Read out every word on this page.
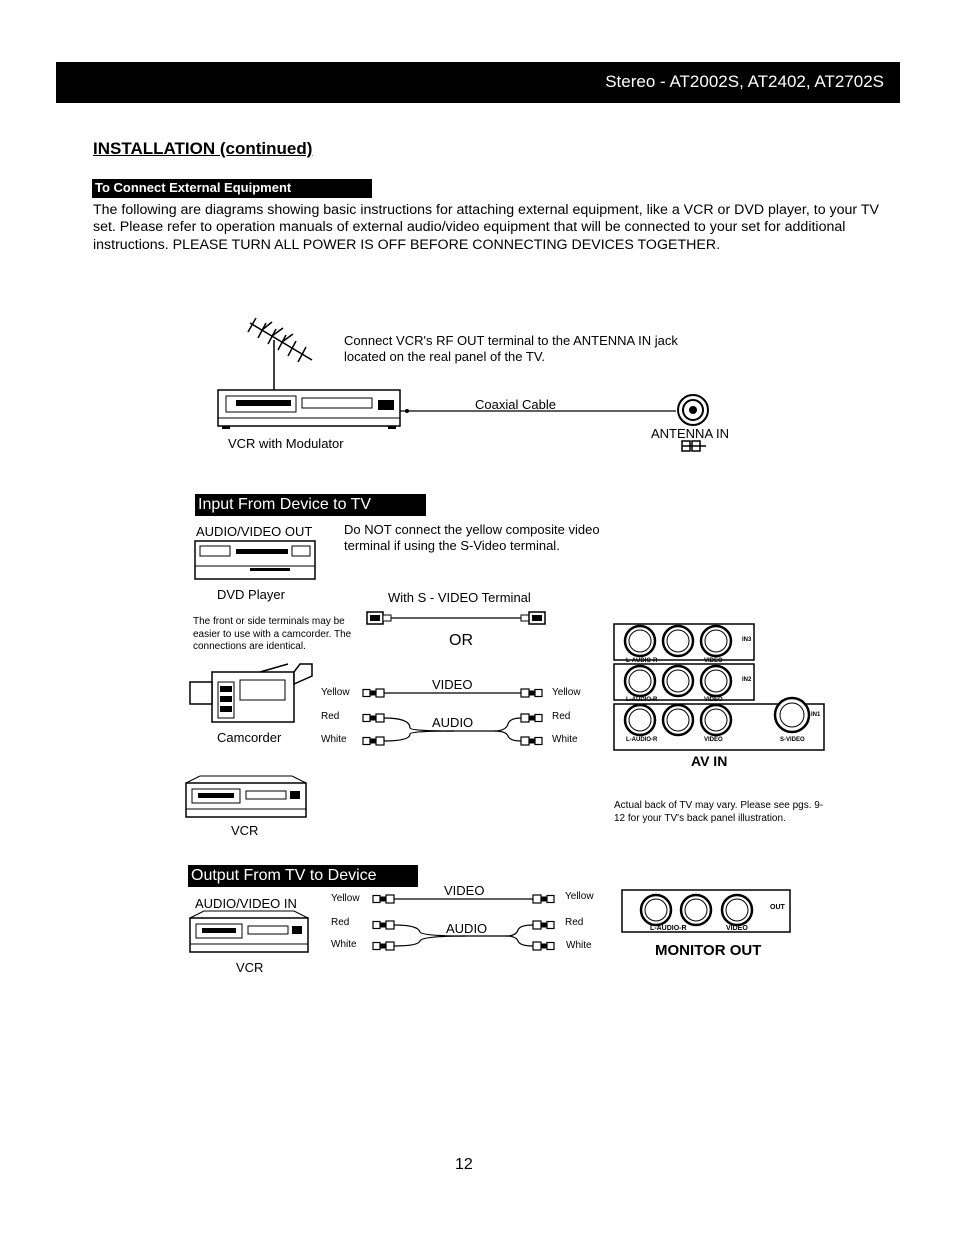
Stereo - AT2002S, AT2402, AT2702S
INSTALLATION (continued)
To Connect External Equipment
The following are diagrams showing basic instructions for attaching external equipment, like a VCR or DVD player, to your TV set. Please refer to operation manuals of external audio/video equipment that will be connected to your set for additional instructions. PLEASE TURN ALL POWER IS OFF BEFORE CONNECTING DEVICES TOGETHER.
Connect VCR's RF OUT terminal to the ANTENNA IN jack located on the real panel of the TV.
Coaxial Cable
VCR with Modulator
ANTENNA IN
Input From Device to TV
AUDIO/VIDEO OUT Do NOT connect the yellow composite video terminal if using the S-Video terminal.
DVD Player	With S - VIDEO Terminal
The front or side terminals may be easier to use with a camcorder. The connections are identical.	OR
VIDEO
AUDIO
Yellow
Red
White
Yellow
Red
White
Camcorder
VCR
Actual back of TV may vary. Please see pgs. 9-12 for your TV's back panel illustration.
L-AUDIO-R	VIDEO
IN3
L-AUDIO-R	VIDEO
IN2
L-AUDIO-R	VIDEO	S-VIDEO
IN1
AV IN
Output From TV to Device
AUDIO/VIDEO IN
VIDEO
AUDIO
Yellow
Red
White
Yellow
Red
White
VCR
L-AUDIO-R	VIDEO
OUT
MONITOR OUT
12
